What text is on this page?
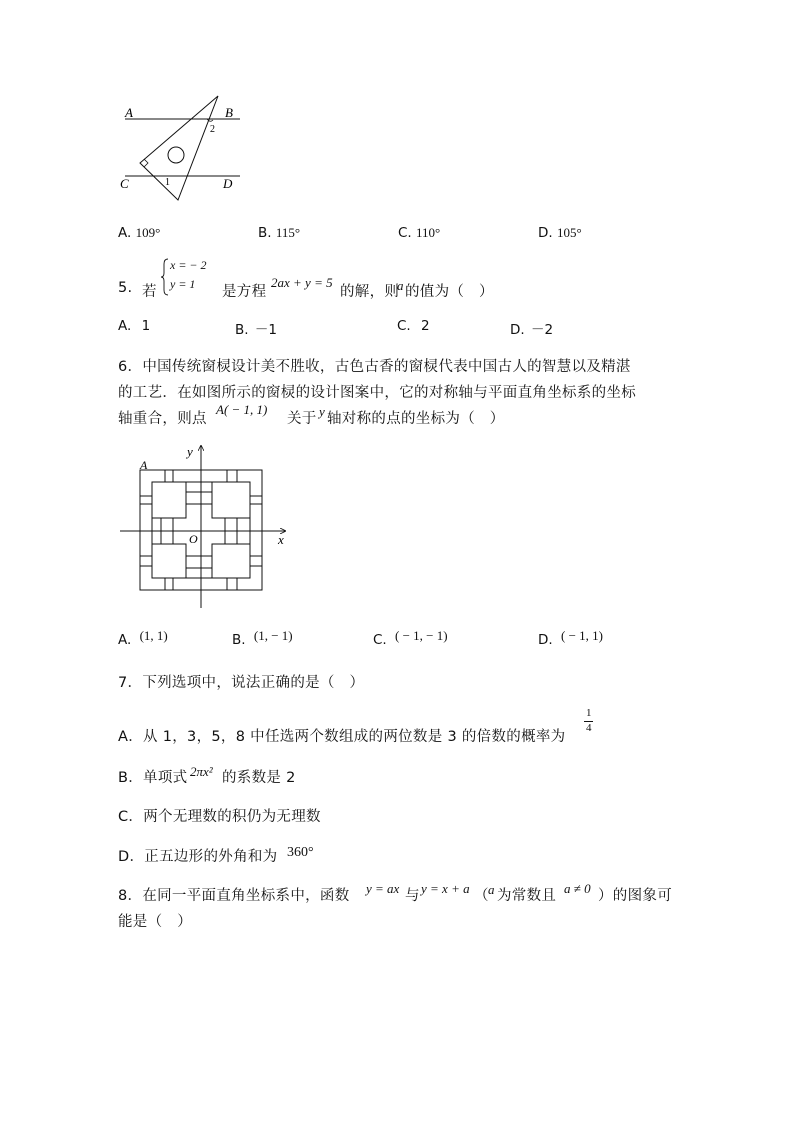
A	B
C	D
1
2
A. 109°	B. 115°	C. 110°	D. 105°
5. 若
x = − 2
y = 1 是方程
2ax + y = 5
的解，则
a 的值为（　）
A. 1	B. －1	C. 2	D. －2
6．中国传统窗棂设计美不胜收，古色古香的窗棂代表中国古人的智慧以及精湛
的工艺．在如图所示的窗棂的设计图案中，它的对称轴与平面直角坐标系的坐标
轴重合，则点
A( − 1, 1)
关于 y 轴对称的点的坐标为（　）
y
x
O
A
A. (1, 1)	B. (1, − 1)	C. ( − 1, − 1)	D. ( − 1, 1)
7．下列选项中，说法正确的是（　）
A．从 1，3，5，8 中任选两个数组成的两位数是 3 的倍数的概率为
1
4
B．单项式 2πx² 的系数是 2
C．两个无理数的积仍为无理数
D．正五边形的外角和为 360°
8．在同一平面直角坐标系中，函数 y = ax 与 y = x + a （ a 为常数且 a ≠ 0 ）的图象可
能是（　）
